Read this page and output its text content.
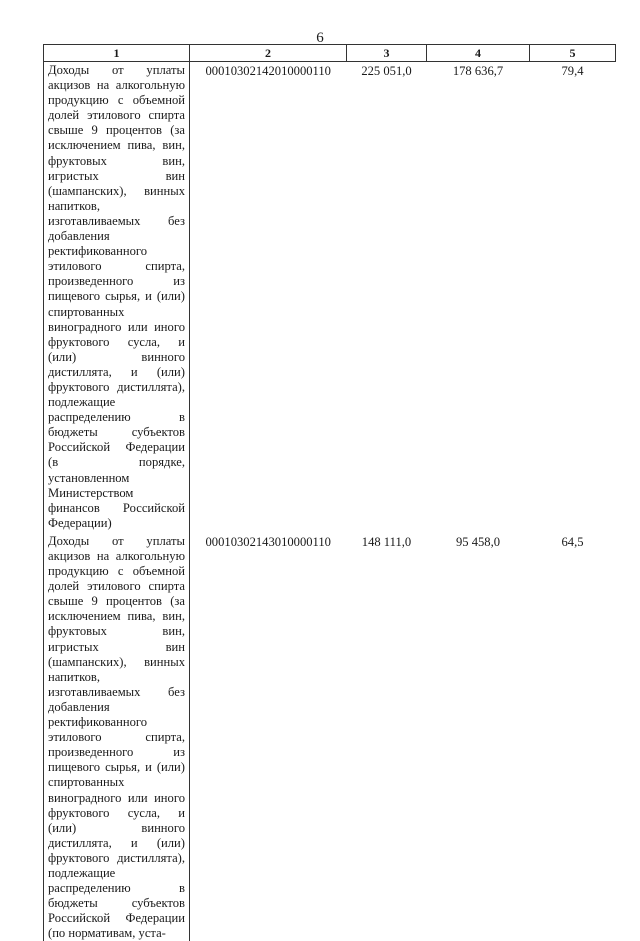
6
1	2	3	4	5
Доходы от уплаты акцизов на алкогольную продукцию с объемной долей этилового спирта свыше 9 процентов (за исключением пива, вин, фруктовых вин, игристых вин (шампанских), винных напитков, изготавливаемых без добавления ректификованного этилового спирта, произведенного из пищевого сырья, и (или) спиртованных виноградного или иного фруктового сусла, и (или) винного дистиллята, и (или) фруктового дистиллята), подлежащие распределению в бюджеты субъектов Российской Федерации (в порядке, установленном Министерством финансов Российской Федерации)	00010302142010000110	225 051,0	178 636,7	79,4
Доходы от уплаты акцизов на алкогольную продукцию с объемной долей этилового спирта свыше 9 процентов (за исключением пива, вин, фруктовых вин, игристых вин (шампанских), винных напитков, изготавливаемых без добавления ректификованного этилового спирта, произведенного из пищевого сырья, и (или) спиртованных виноградного или иного фруктового сусла, и (или) винного дистиллята, и (или) фруктового дистиллята), подлежащие распределению в бюджеты субъектов Российской Федерации (по нормативам, уста-	00010302143010000110	148 111,0	95 458,0	64,5
